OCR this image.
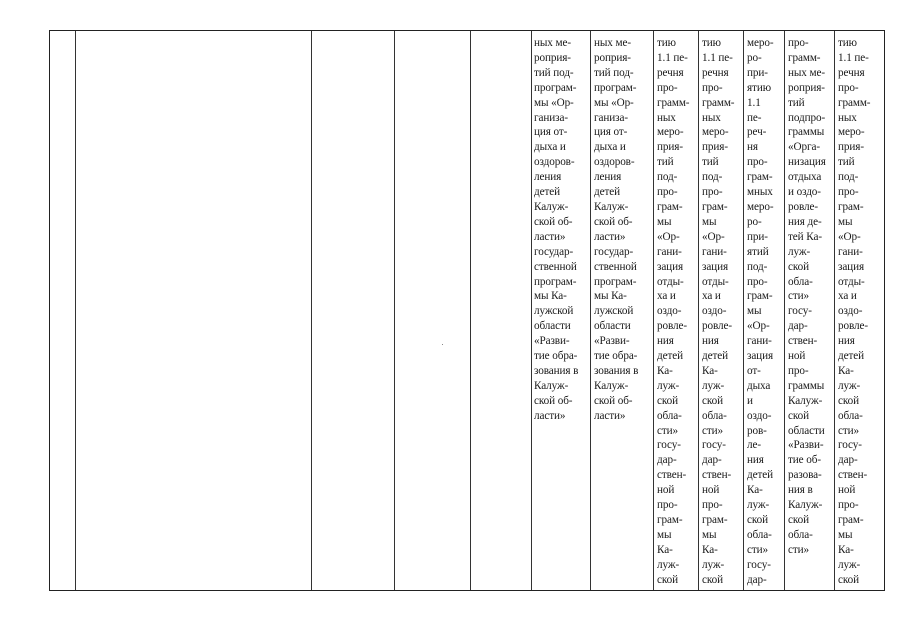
ных ме-
роприя-
тий под-
програм-
мы «Ор-
ганиза-
ция от-
дыха и
оздоров-
ления
детей
Калуж-
ской об-
ласти»
государ-
ственной
програм-
мы Ка-
лужской
области
«Разви-
тие обра-
зования в
Калуж-
ской об-
ласти»
ных ме-
роприя-
тий под-
програм-
мы «Ор-
ганиза-
ция от-
дыха и
оздоров-
ления
детей
Калуж-
ской об-
ласти»
государ-
ственной
програм-
мы Ка-
лужской
области
«Разви-
тие обра-
зования в
Калуж-
ской об-
ласти»
тию
1.1 пе-
речня
про-
грамм-
ных
меро-
прия-
тий
под-
про-
грам-
мы
«Ор-
гани-
зация
отды-
ха и
оздо-
ровле-
ния
детей
Ка-
луж-
ской
обла-
сти»
госу-
дар-
ствен-
ной
про-
грам-
мы
Ка-
луж-
ской
тию
1.1 пе-
речня
про-
грамм-
ных
меро-
прия-
тий
под-
про-
грам-
мы
«Ор-
гани-
зация
отды-
ха и
оздо-
ровле-
ния
детей
Ка-
луж-
ской
обла-
сти»
госу-
дар-
ствен-
ной
про-
грам-
мы
Ка-
луж-
ской
меро-
ро-
при-
ятию
1.1
пе-
реч-
ня
про-
грам-
мных
меро-
ро-
при-
ятий
под-
про-
грам-
мы
«Ор-
гани-
зация
от-
дыха
и
оздо-
ров-
ле-
ния
детей
Ка-
луж-
ской
обла-
сти»
госу-
дар-
про-
грамм-
ных ме-
роприя-
тий
подпро-
граммы
«Орга-
низация
отдыха
и оздо-
ровле-
ния де-
тей Ка-
луж-
ской
обла-
сти»
госу-
дар-
ствен-
ной
про-
граммы
Калуж-
ской
области
«Разви-
тие об-
разова-
ния в
Калуж-
ской
обла-
сти»
тию
1.1 пе-
речня
про-
грамм-
ных
меро-
прия-
тий
под-
про-
грам-
мы
«Ор-
гани-
зация
отды-
ха и
оздо-
ровле-
ния
детей
Ка-
луж-
ской
обла-
сти»
госу-
дар-
ствен-
ной
про-
грам-
мы
Ка-
луж-
ской
